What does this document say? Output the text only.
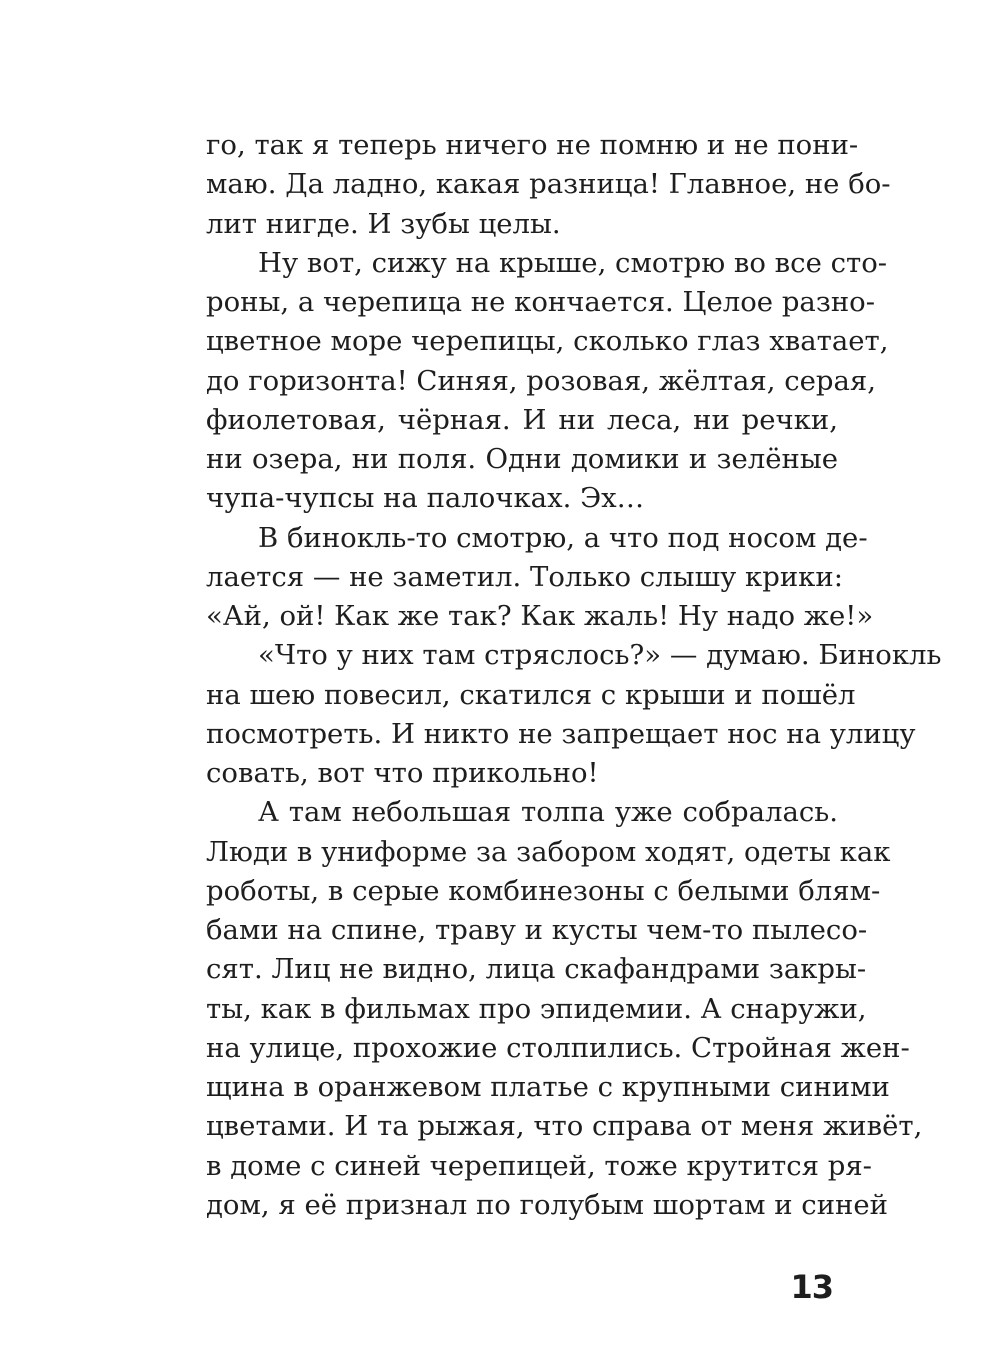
го, так я теперь ничего не помню и не пони-
маю. Да ладно, какая разница! Главное, не бо-
лит нигде. И зубы целы.
Ну вот, сижу на крыше, смотрю во все сто-
роны, а черепица не кончается. Целое разно-
цветное море черепицы, сколько глаз хватает,
до горизонта! Синяя, розовая, жёлтая, серая,
фиолетовая, чёрная. И ни леса, ни речки,
ни озера, ни поля. Одни домики и зелёные
чупа-чупсы на палочках. Эх…
В бинокль-то смотрю, а что под носом де-
лается — не заметил. Только слышу крики:
«Ай, ой! Как же так? Как жаль! Ну надо же!»
«Что у них там стряслось?» — думаю. Бинокль
на шею повесил, скатился с крыши и пошёл
посмотреть. И никто не запрещает нос на улицу
совать, вот что прикольно!
А там небольшая толпа уже собралась.
Люди в униформе за забором ходят, одеты как
роботы, в серые комбинезоны с белыми блям-
бами на спине, траву и кусты чем-то пылесо-
сят. Лиц не видно, лица скафандрами закры-
ты, как в фильмах про эпидемии. А снаружи,
на улице, прохожие столпились. Стройная жен-
щина в оранжевом платье с крупными синими
цветами. И та рыжая, что справа от меня живёт,
в доме с синей черепицей, тоже крутится ря-
дом, я её признал по голубым шортам и синей
13
